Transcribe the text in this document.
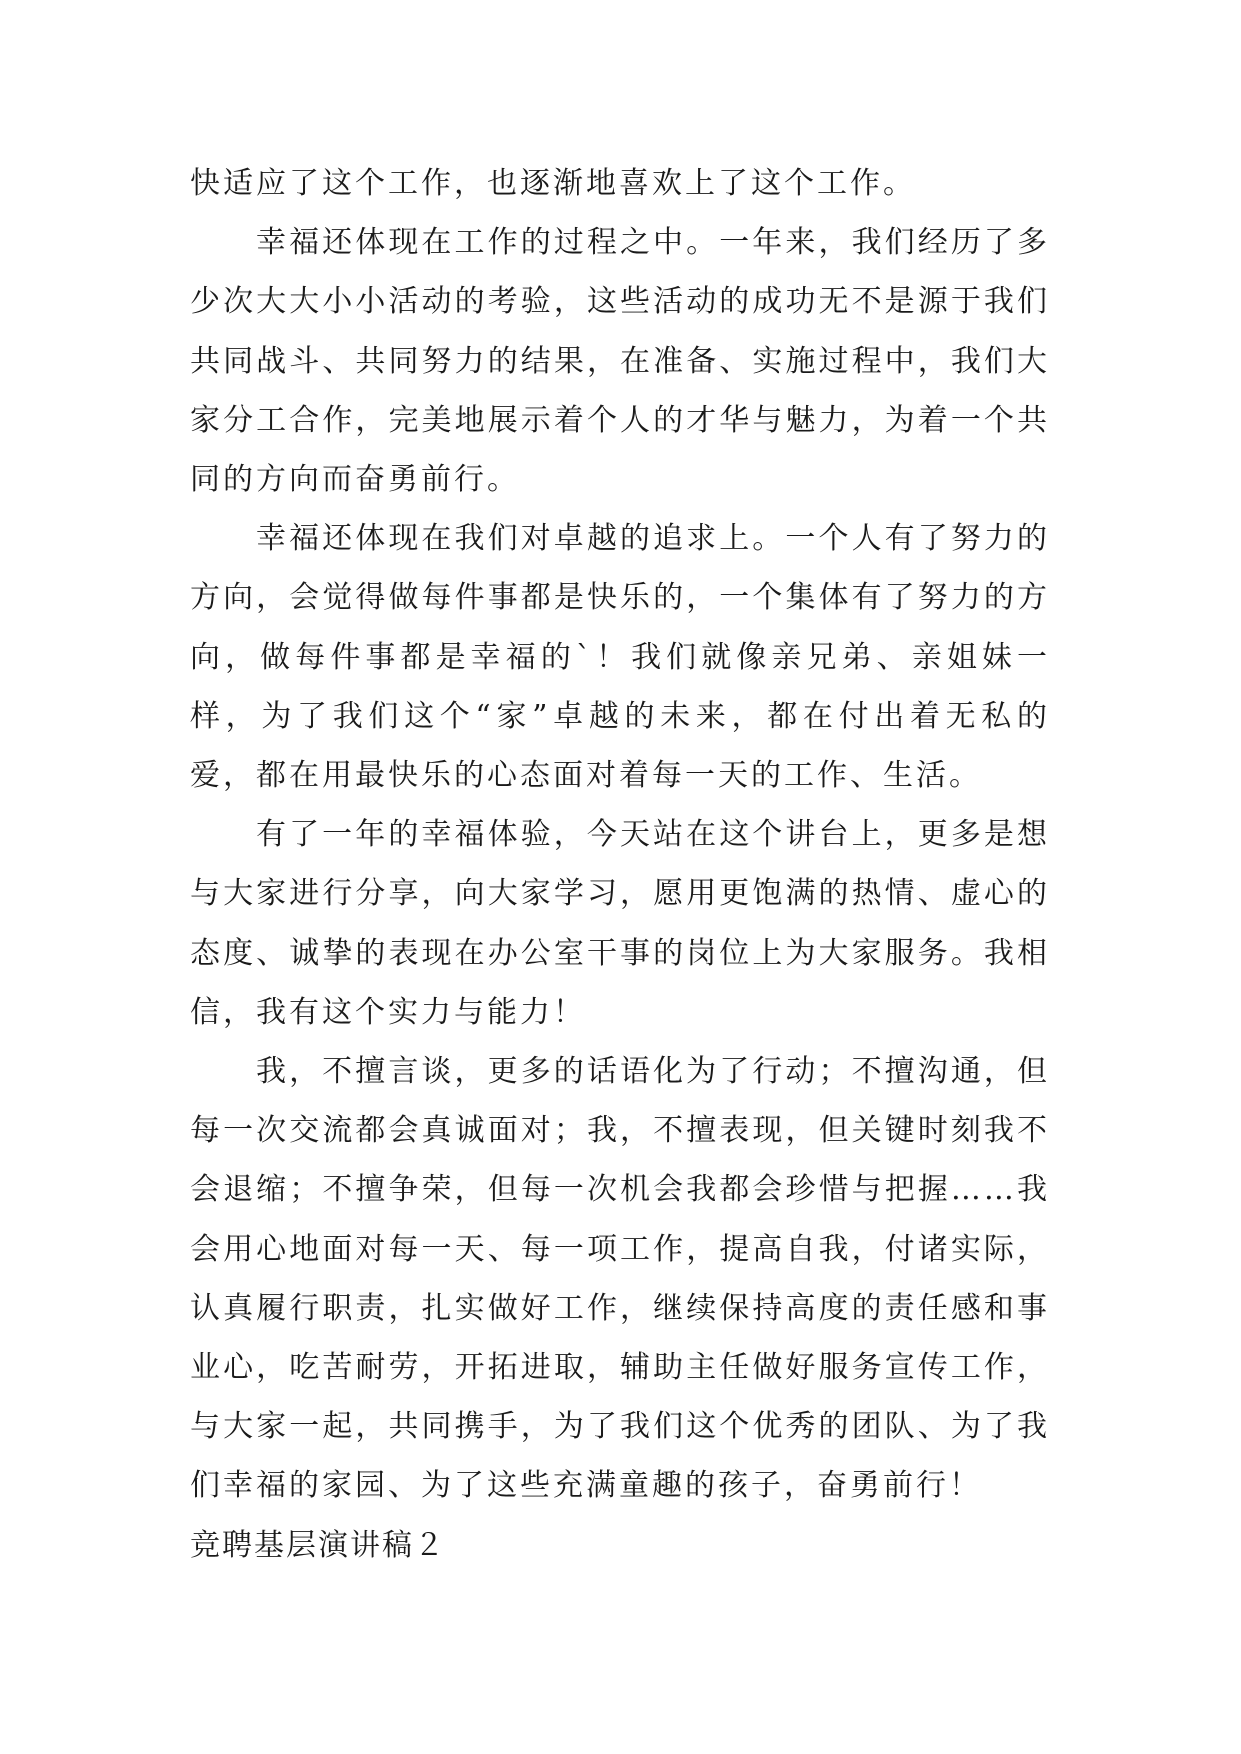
快适应了这个工作，也逐渐地喜欢上了这个工作。

幸福还体现在工作的过程之中。一年来，我们经历了多少次大大小小活动的考验，这些活动的成功无不是源于我们共同战斗、共同努力的结果，在准备、实施过程中，我们大家分工合作，完美地展示着个人的才华与魅力，为着一个共同的方向而奋勇前行。

幸福还体现在我们对卓越的追求上。一个人有了努力的方向，会觉得做每件事都是快乐的，一个集体有了努力的方向，做每件事都是幸福的`！我们就像亲兄弟、亲姐妹一样，为了我们这个“家”卓越的未来，都在付出着无私的爱，都在用最快乐的心态面对着每一天的工作、生活。

有了一年的幸福体验，今天站在这个讲台上，更多是想与大家进行分享，向大家学习，愿用更饱满的热情、虚心的态度、诚挚的表现在办公室干事的岗位上为大家服务。我相信，我有这个实力与能力！

我，不擅言谈，更多的话语化为了行动；不擅沟通，但每一次交流都会真诚面对；我，不擅表现，但关键时刻我不会退缩；不擅争荣，但每一次机会我都会珍惜与把握……我会用心地面对每一天、每一项工作，提高自我，付诸实际，认真履行职责，扎实做好工作，继续保持高度的责任感和事业心，吃苦耐劳，开拓进取，辅助主任做好服务宣传工作，与大家一起，共同携手，为了我们这个优秀的团队、为了我们幸福的家园、为了这些充满童趣的孩子，奋勇前行！

竞聘基层演讲稿２
